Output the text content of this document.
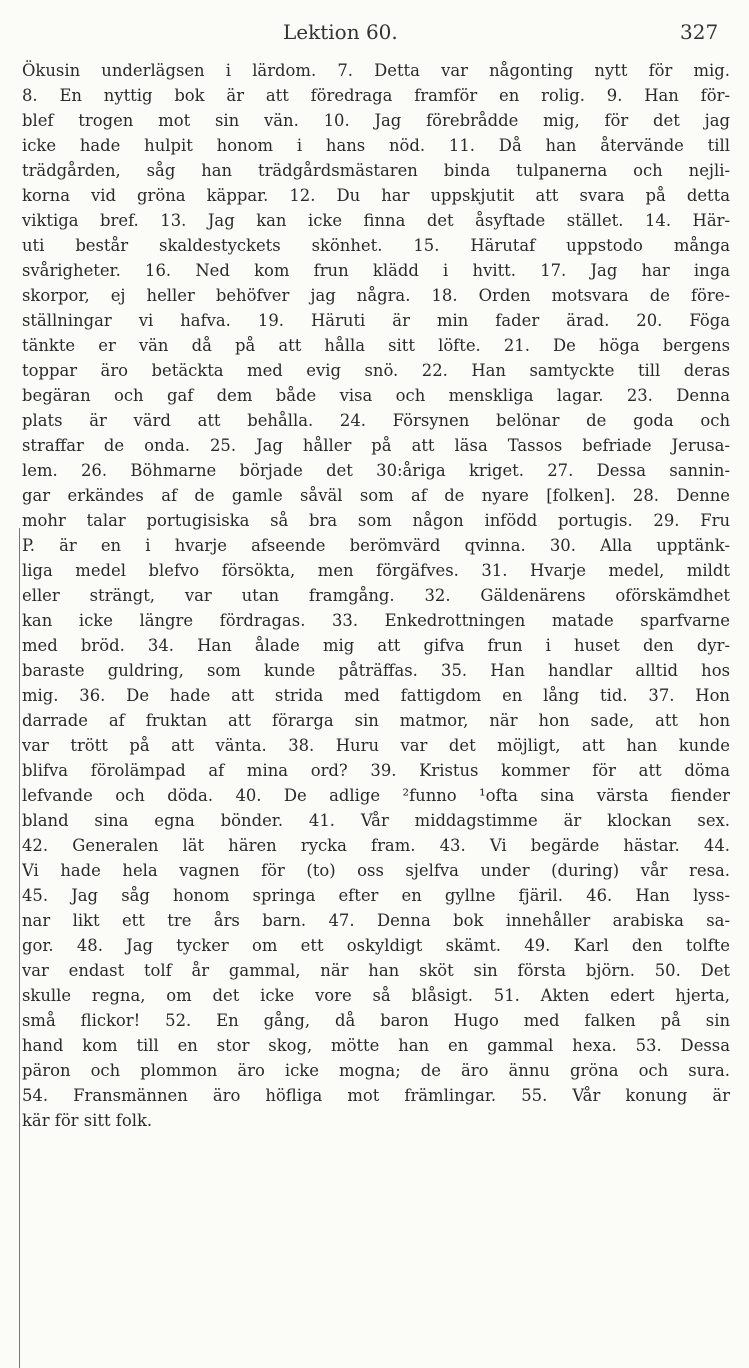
Lektion 60.	327
Ökusin underlägsen i lärdom. 7. Detta var någonting nytt för mig.
8. En nyttig bok är att föredraga framför en rolig. 9. Han för-
blef trogen mot sin vän. 10. Jag förebrådde mig, för det jag
icke hade hulpit honom i hans nöd. 11. Då han återvände till
trädgården, såg han trädgårdsmästaren binda tulpanerna och nejli-
korna vid gröna käppar. 12. Du har uppskjutit att svara på detta
viktiga bref. 13. Jag kan icke finna det åsyftade stället. 14. Här-
uti består skaldestyckets skönhet. 15. Härutaf uppstodo många
svårigheter. 16. Ned kom frun klädd i hvitt. 17. Jag har inga
skorpor, ej heller behöfver jag några. 18. Orden motsvara de före-
ställningar vi hafva. 19. Häruti är min fader ärad. 20. Föga
tänkte er vän då på att hålla sitt löfte. 21. De höga bergens
toppar äro betäckta med evig snö. 22. Han samtyckte till deras
begäran och gaf dem både visa och menskliga lagar. 23. Denna
plats är värd att behålla. 24. Försynen belönar de goda och
straffar de onda. 25. Jag håller på att läsa Tassos befriade Jerusa-
lem. 26. Böhmarne började det 30:åriga kriget. 27. Dessa sannin-
gar erkändes af de gamle såväl som af de nyare [folken]. 28. Denne
mohr talar portugisiska så bra som någon infödd portugis. 29. Fru
P. är en i hvarje afseende berömvärd qvinna. 30. Alla upptänk-
liga medel blefvo försökta, men förgäfves. 31. Hvarje medel, mildt
eller strängt, var utan framgång. 32. Gäldenärens oförskämdhet
kan icke längre fördragas. 33. Enkedrottningen matade sparfvarne
med bröd. 34. Han ålade mig att gifva frun i huset den dyr-
baraste guldring, som kunde påträffas. 35. Han handlar alltid hos
mig. 36. De hade att strida med fattigdom en lång tid. 37. Hon
darrade af fruktan att förarga sin matmor, när hon sade, att hon
var trött på att vänta. 38. Huru var det möjligt, att han kunde
blifva förolämpad af mina ord? 39. Kristus kommer för att döma
lefvande och döda. 40. De adlige ²funno ¹ofta sina värsta fiender
bland sina egna bönder. 41. Vår middagstimme är klockan sex.
42. Generalen lät hären rycka fram. 43. Vi begärde hästar. 44.
Vi hade hela vagnen för (to) oss sjelfva under (during) vår resa.
45. Jag såg honom springa efter en gyllne fjäril. 46. Han lyss-
nar likt ett tre års barn. 47. Denna bok innehåller arabiska sa-
gor. 48. Jag tycker om ett oskyldigt skämt. 49. Karl den tolfte
var endast tolf år gammal, när han sköt sin första björn. 50. Det
skulle regna, om det icke vore så blåsigt. 51. Akten edert hjerta,
små flickor! 52. En gång, då baron Hugo med falken på sin
hand kom till en stor skog, mötte han en gammal hexa. 53. Dessa
päron och plommon äro icke mogna; de äro ännu gröna och sura.
54. Fransmännen äro höfliga mot främlingar. 55. Vår konung är
kär för sitt folk.
